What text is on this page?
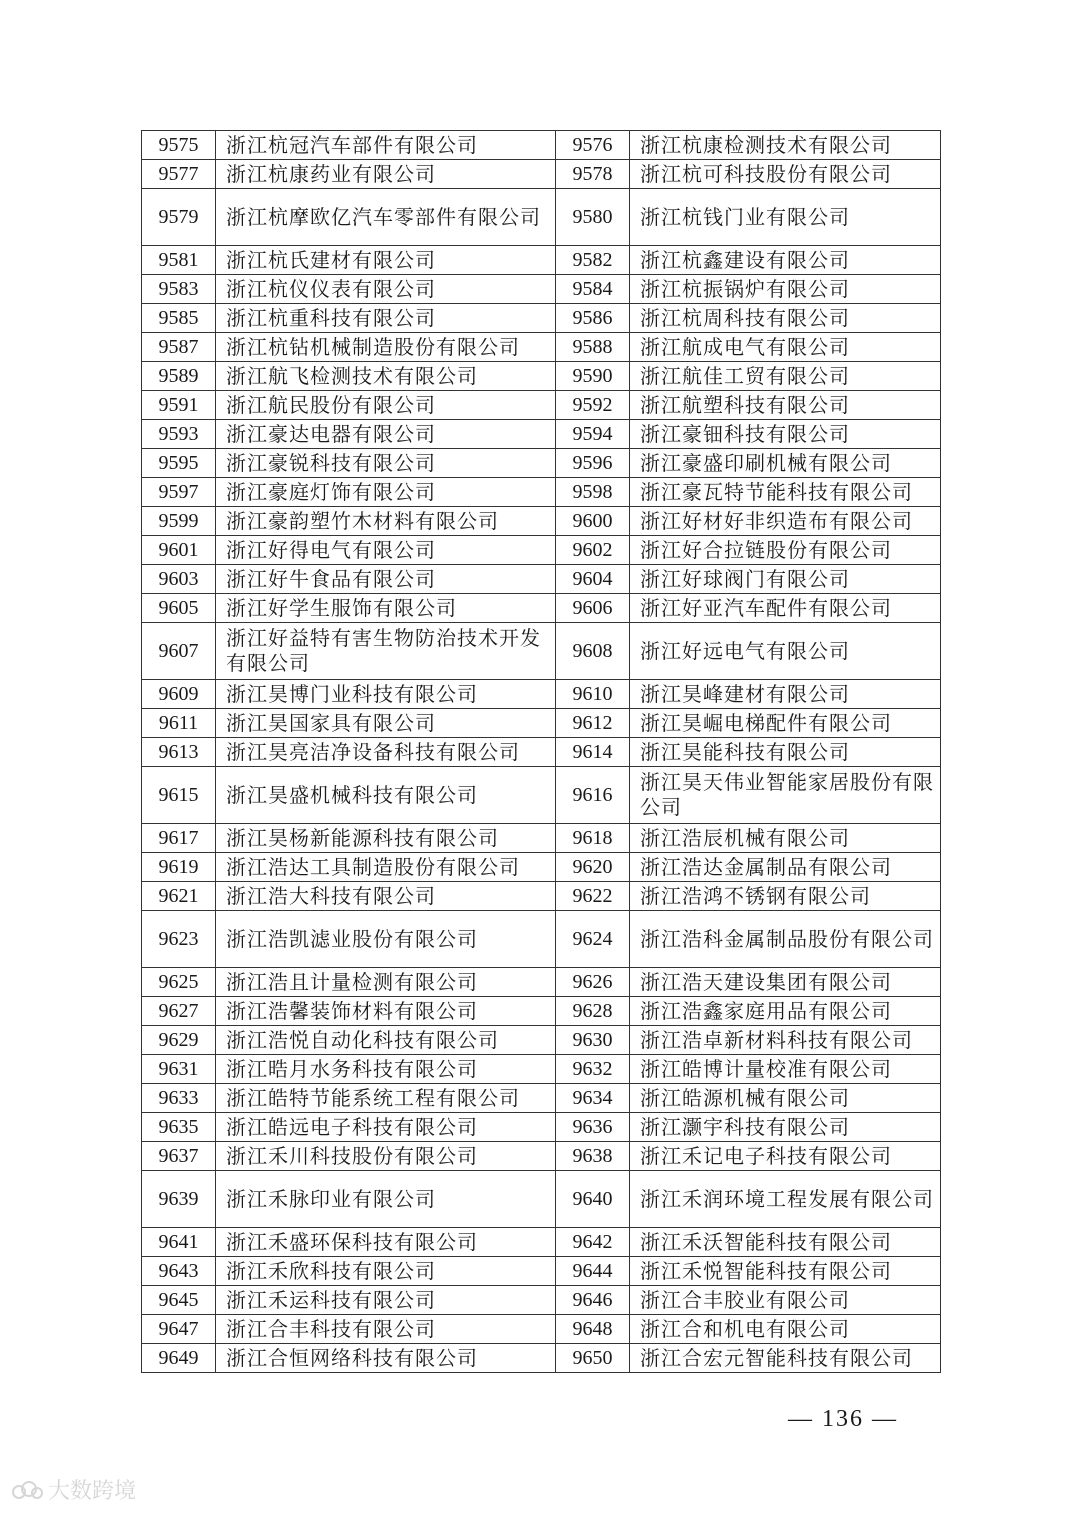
9575	浙江杭冠汽车部件有限公司	9576	浙江杭康检测技术有限公司
9577	浙江杭康药业有限公司	9578	浙江杭可科技股份有限公司
9579	浙江杭摩欧亿汽车零部件有限公司	9580	浙江杭钱门业有限公司
9581	浙江杭氏建材有限公司	9582	浙江杭鑫建设有限公司
9583	浙江杭仪仪表有限公司	9584	浙江杭振锅炉有限公司
9585	浙江杭重科技有限公司	9586	浙江杭周科技有限公司
9587	浙江杭钻机械制造股份有限公司	9588	浙江航成电气有限公司
9589	浙江航飞检测技术有限公司	9590	浙江航佳工贸有限公司
9591	浙江航民股份有限公司	9592	浙江航塑科技有限公司
9593	浙江豪达电器有限公司	9594	浙江豪钿科技有限公司
9595	浙江豪锐科技有限公司	9596	浙江豪盛印刷机械有限公司
9597	浙江豪庭灯饰有限公司	9598	浙江豪瓦特节能科技有限公司
9599	浙江豪韵塑竹木材料有限公司	9600	浙江好材好非织造布有限公司
9601	浙江好得电气有限公司	9602	浙江好合拉链股份有限公司
9603	浙江好牛食品有限公司	9604	浙江好球阀门有限公司
9605	浙江好学生服饰有限公司	9606	浙江好亚汽车配件有限公司
9607	浙江好益特有害生物防治技术开发有限公司	9608	浙江好远电气有限公司
9609	浙江昊博门业科技有限公司	9610	浙江昊峰建材有限公司
9611	浙江昊国家具有限公司	9612	浙江昊崛电梯配件有限公司
9613	浙江昊亮洁净设备科技有限公司	9614	浙江昊能科技有限公司
9615	浙江昊盛机械科技有限公司	9616	浙江昊天伟业智能家居股份有限公司
9617	浙江昊杨新能源科技有限公司	9618	浙江浩辰机械有限公司
9619	浙江浩达工具制造股份有限公司	9620	浙江浩达金属制品有限公司
9621	浙江浩大科技有限公司	9622	浙江浩鸿不锈钢有限公司
9623	浙江浩凯滤业股份有限公司	9624	浙江浩科金属制品股份有限公司
9625	浙江浩且计量检测有限公司	9626	浙江浩天建设集团有限公司
9627	浙江浩馨装饰材料有限公司	9628	浙江浩鑫家庭用品有限公司
9629	浙江浩悦自动化科技有限公司	9630	浙江浩卓新材料科技有限公司
9631	浙江晧月水务科技有限公司	9632	浙江皓博计量校准有限公司
9633	浙江皓特节能系统工程有限公司	9634	浙江皓源机械有限公司
9635	浙江皓远电子科技有限公司	9636	浙江灏宇科技有限公司
9637	浙江禾川科技股份有限公司	9638	浙江禾记电子科技有限公司
9639	浙江禾脉印业有限公司	9640	浙江禾润环境工程发展有限公司
9641	浙江禾盛环保科技有限公司	9642	浙江禾沃智能科技有限公司
9643	浙江禾欣科技有限公司	9644	浙江禾悦智能科技有限公司
9645	浙江禾运科技有限公司	9646	浙江合丰胶业有限公司
9647	浙江合丰科技有限公司	9648	浙江合和机电有限公司
9649	浙江合恒网络科技有限公司	9650	浙江合宏元智能科技有限公司
— 136 —
大数跨境
